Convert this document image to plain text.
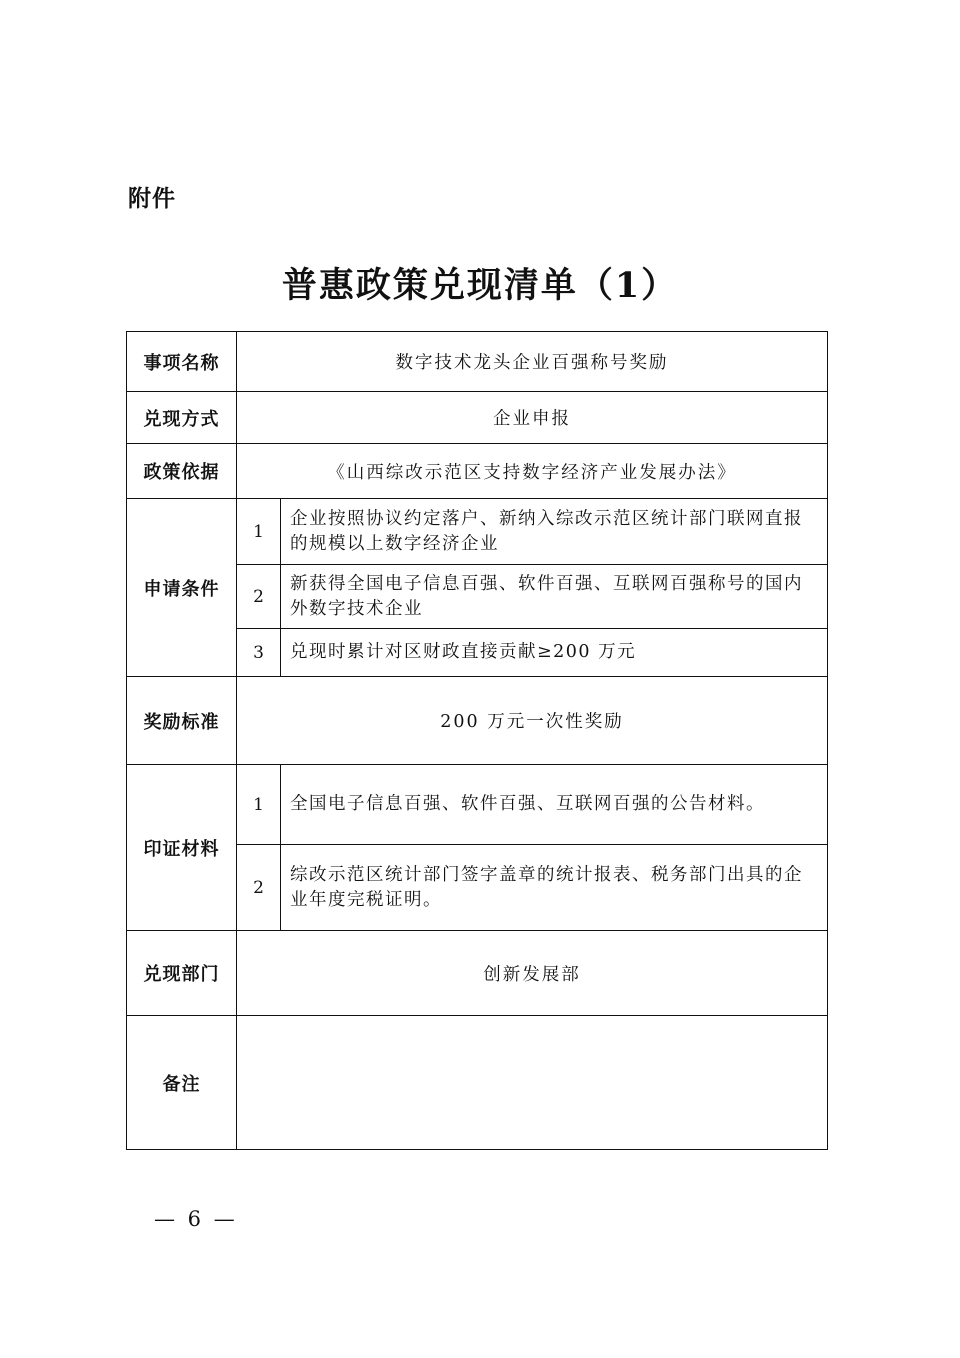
附件
普惠政策兑现清单（1）
事项名称	数字技术龙头企业百强称号奖励	
兑现方式	企业申报	
政策依据	《山西综改示范区支持数字经济产业发展办法》	
申请条件	1	企业按照协议约定落户、新纳入综改示范区统计部门联网直报的规模以上数字经济企业
	2	新获得全国电子信息百强、软件百强、互联网百强称号的国内外数字技术企业
	3	兑现时累计对区财政直接贡献≥200 万元
奖励标准	200 万元一次性奖励	
印证材料	1	全国电子信息百强、软件百强、互联网百强的公告材料。
	2	综改示范区统计部门签字盖章的统计报表、税务部门出具的企业年度完税证明。
兑现部门	创新发展部	
备注		
— 6 —
